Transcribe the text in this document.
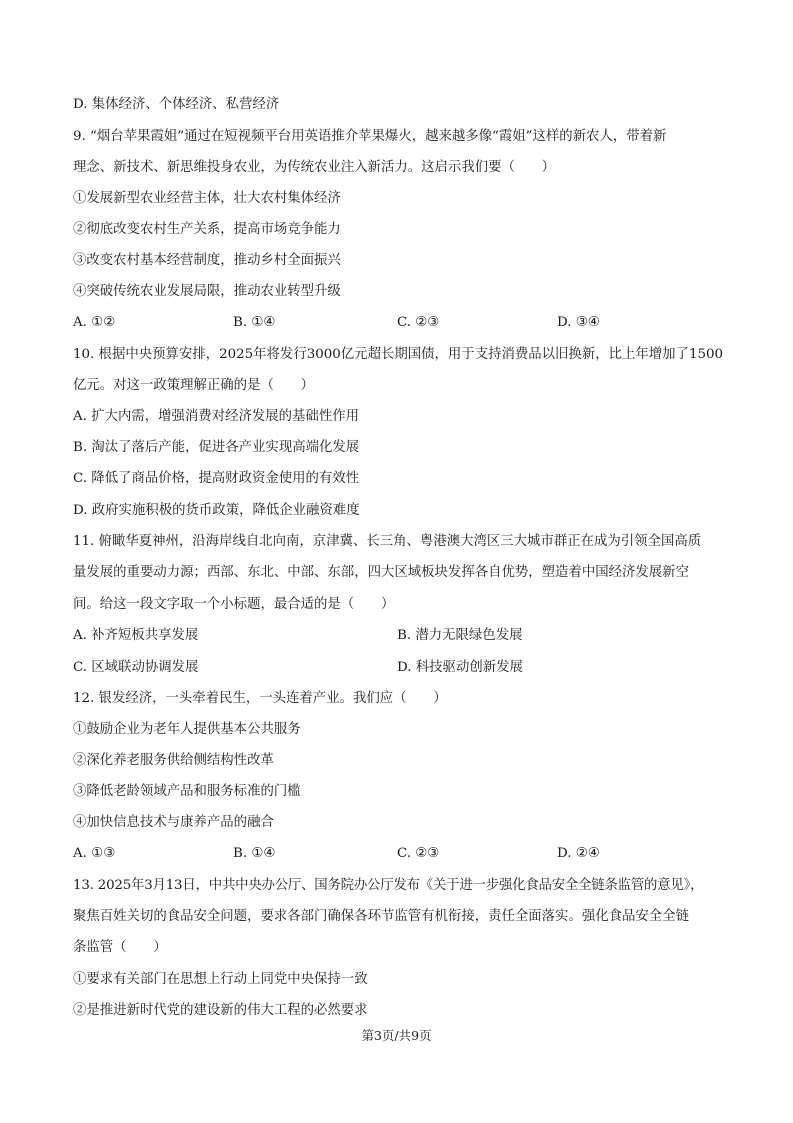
D. 集体经济、个体经济、私营经济
9. “烟台苹果霞姐”通过在短视频平台用英语推介苹果爆火，越来越多像“霞姐”这样的新农人，带着新
理念、新技术、新思维投身农业，为传统农业注入新活力。这启示我们要（　　）
①发展新型农业经营主体，壮大农村集体经济
②彻底改变农村生产关系，提高市场竞争能力
③改变农村基本经营制度，推动乡村全面振兴
④突破传统农业发展局限，推动农业转型升级
A. ①②	B. ①④	C. ②③	D. ③④
10. 根据中央预算安排，2025年将发行3000亿元超长期国债，用于支持消费品以旧换新，比上年增加了1500
亿元。对这一政策理解正确的是（　　）
A. 扩大内需，增强消费对经济发展的基础性作用
B. 淘汰了落后产能，促进各产业实现高端化发展
C. 降低了商品价格，提高财政资金使用的有效性
D. 政府实施积极的货币政策，降低企业融资难度
11. 俯瞰华夏神州，沿海岸线自北向南，京津冀、长三角、粤港澳大湾区三大城市群正在成为引领全国高质
量发展的重要动力源；西部、东北、中部、东部，四大区域板块发挥各自优势，塑造着中国经济发展新空
间。给这一段文字取一个小标题，最合适的是（　　）
A. 补齐短板共享发展	B. 潜力无限绿色发展
C. 区域联动协调发展	D. 科技驱动创新发展
12. 银发经济，一头牵着民生，一头连着产业。我们应（　　）
①鼓励企业为老年人提供基本公共服务
②深化养老服务供给侧结构性改革
③降低老龄领域产品和服务标准的门槛
④加快信息技术与康养产品的融合
A. ①③	B. ①④	C. ②③	D. ②④
13. 2025年3月13日，中共中央办公厅、国务院办公厅发布《关于进一步强化食品安全全链条监管的意见》，
聚焦百姓关切的食品安全问题，要求各部门确保各环节监管有机衔接，责任全面落实。强化食品安全全链
条监管（　　）
①要求有关部门在思想上行动上同党中央保持一致
②是推进新时代党的建设新的伟大工程的必然要求
第3页/共9页
